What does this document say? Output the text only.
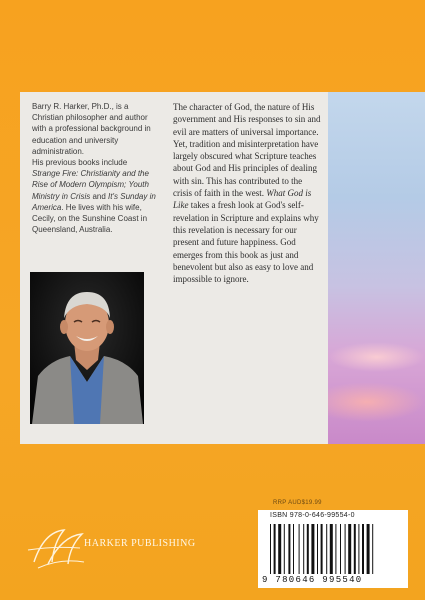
Barry R. Harker, Ph.D., is a Christian philosopher and author with a professional background in education and university administration.
His previous books include Strange Fire: Christianity and the Rise of Modern Olympism; Youth Ministry in Crisis and It's Sunday in America. He lives with his wife, Cecily, on the Sunshine Coast in Queensland, Australia.

The character of God, the nature of His government and His responses to sin and evil are matters of universal importance. Yet, tradition and misinterpretation have largely obscured what Scripture teaches about God and His principles of dealing with sin. This has contributed to the crisis of faith in the west. What God is Like takes a fresh look at God's self-revelation in Scripture and explains why this revelation is necessary for our present and future happiness. God emerges from this book as just and benevolent but also as easy to love and impossible to ignore.

HARKER PUBLISHING
RRP AUD$19.99
ISBN 978-0-646-99554-0
9 780646 995540
